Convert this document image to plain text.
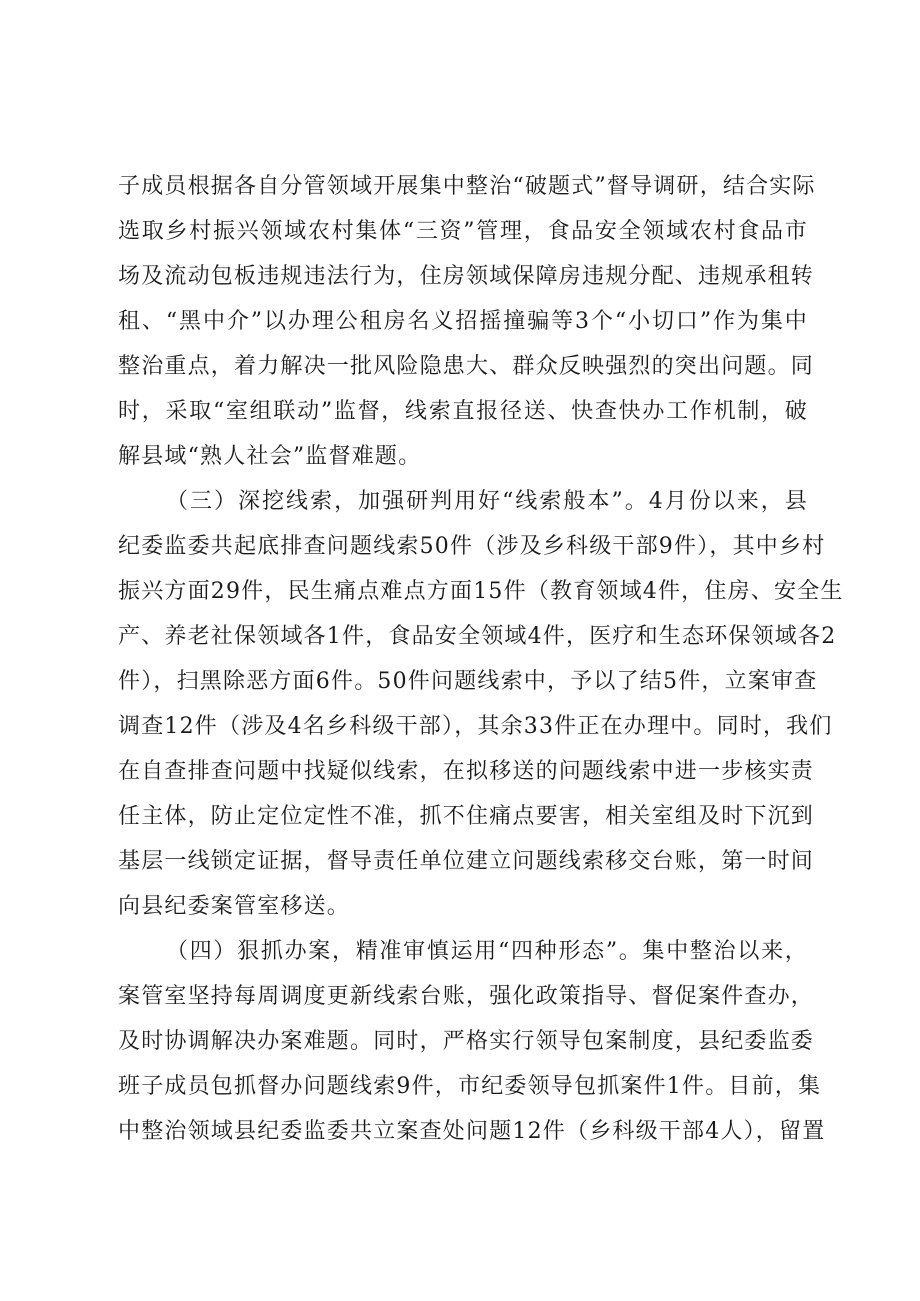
子成员根据各自分管领域开展集中整治“破题式”督导调研，结合实际
选取乡村振兴领域农村集体“三资”管理，食品安全领域农村食品市
场及流动包板违规违法行为，住房领域保障房违规分配、违规承租转
租、“黑中介”以办理公租房名义招摇撞骗等3个“小切口”作为集中
整治重点，着力解决一批风险隐患大、群众反映强烈的突出问题。同
时，采取“室组联动”监督，线索直报径送、快查快办工作机制，破
解县域“熟人社会”监督难题。
（三）深挖线索，加强研判用好“线索般本”。4月份以来，县
纪委监委共起底排查问题线索50件（涉及乡科级干部9件），其中乡村
振兴方面29件，民生痛点难点方面15件（教育领域4件，住房、安全生
产、养老社保领域各1件，食品安全领域4件，医疗和生态环保领域各2
件），扫黑除恶方面6件。50件问题线索中，予以了结5件，立案审查
调查12件（涉及4名乡科级干部），其余33件正在办理中。同时，我们
在自查排查问题中找疑似线索，在拟移送的问题线索中进一步核实责
任主体，防止定位定性不准，抓不住痛点要害，相关室组及时下沉到
基层一线锁定证据，督导责任单位建立问题线索移交台账，第一时间
向县纪委案管室移送。
（四）狠抓办案，精准审慎运用“四种形态”。集中整治以来，
案管室坚持每周调度更新线索台账，强化政策指导、督促案件查办，
及时协调解决办案难题。同时，严格实行领导包案制度，县纪委监委
班子成员包抓督办问题线索9件，市纪委领导包抓案件1件。目前，集
中整治领域县纪委监委共立案查处问题12件（乡科级干部4人），留置
